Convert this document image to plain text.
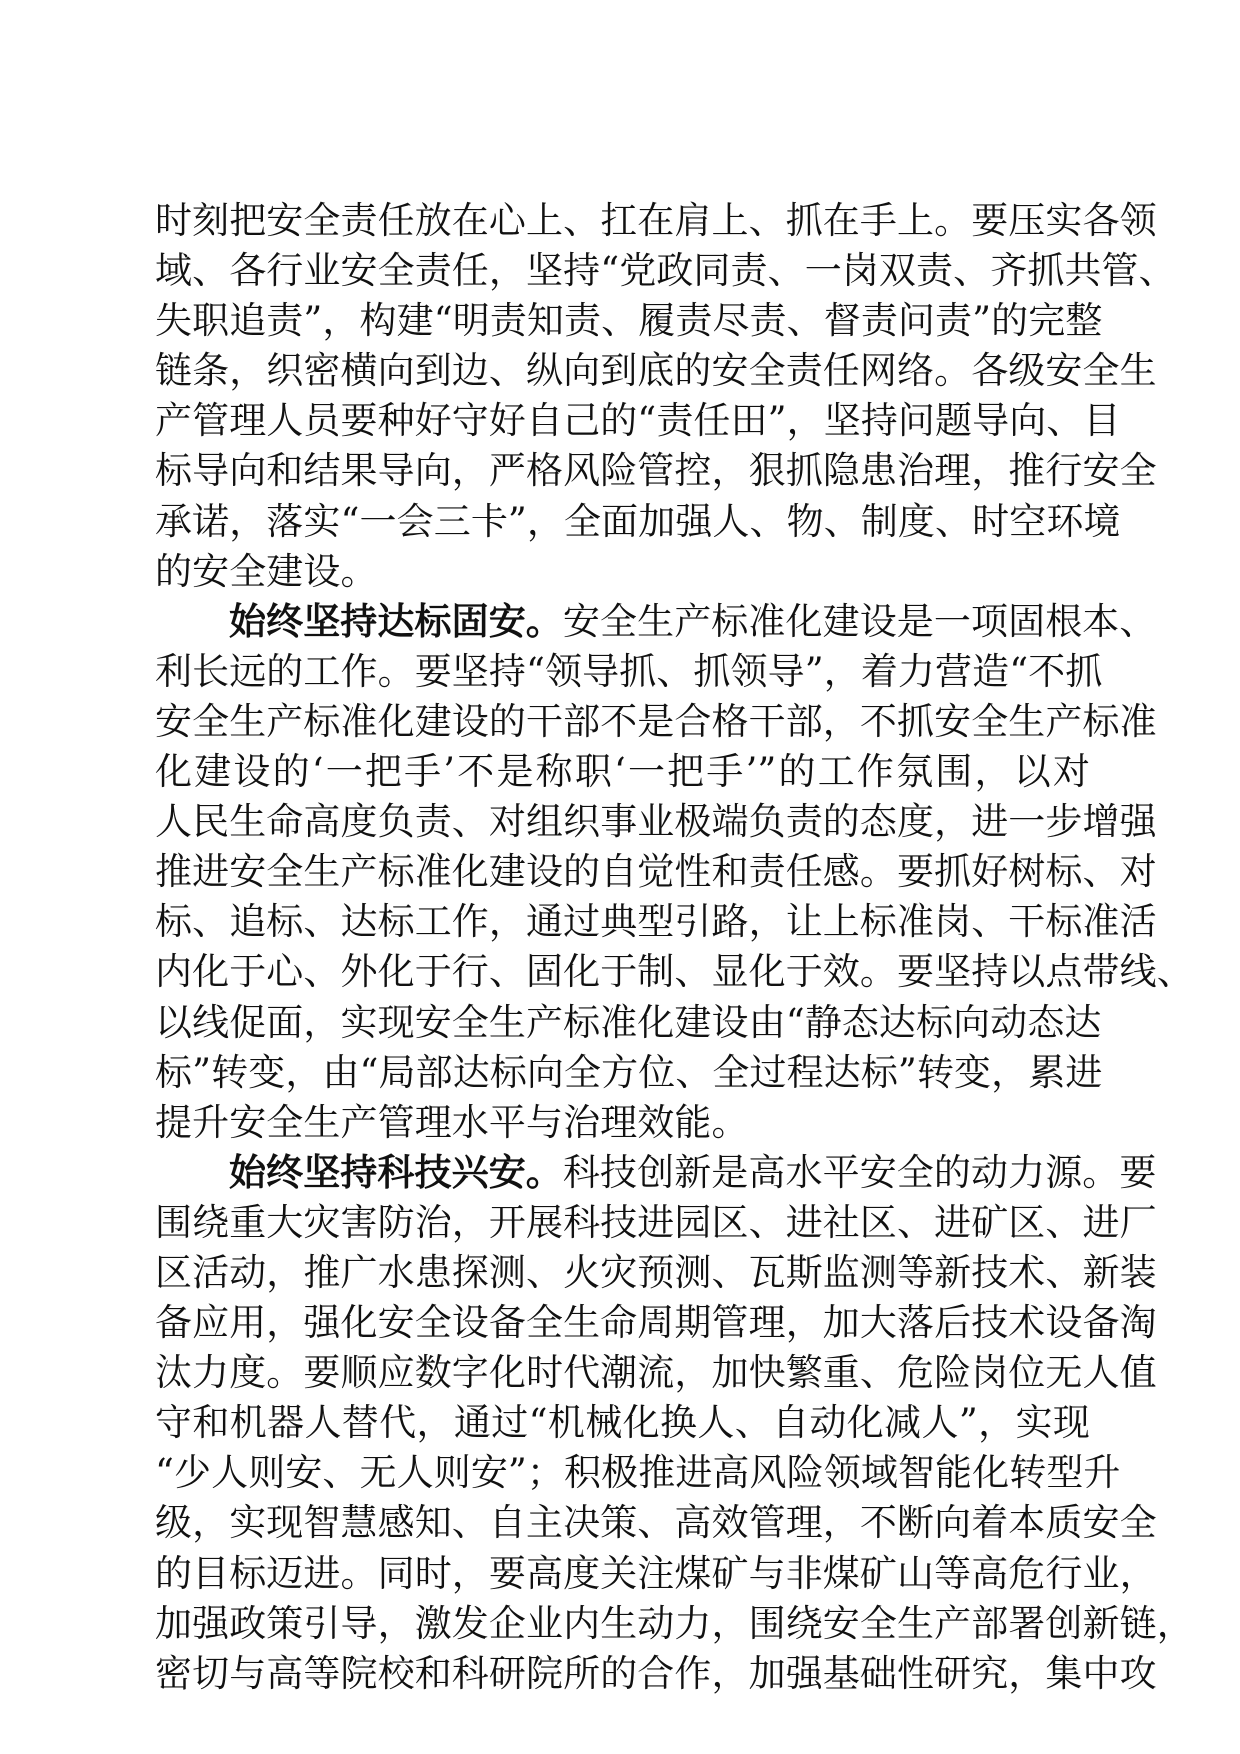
时刻把安全责任放在心上、扛在肩上、抓在手上。要压实各领
域、各行业安全责任，坚持“党政同责、一岗双责、齐抓共管、
失职追责”，构建“明责知责、履责尽责、督责问责”的完整
链条，织密横向到边、纵向到底的安全责任网络。各级安全生
产管理人员要种好守好自己的“责任田”，坚持问题导向、目
标导向和结果导向，严格风险管控，狠抓隐患治理，推行安全
承诺，落实“一会三卡”，全面加强人、物、制度、时空环境
的安全建设。
始终坚持达标固安。安全生产标准化建设是一项固根本、
利长远的工作。要坚持“领导抓、抓领导”，着力营造“不抓
安全生产标准化建设的干部不是合格干部，不抓安全生产标准
化建设的‘一把手’不是称职‘一把手’”的工作氛围，以对
人民生命高度负责、对组织事业极端负责的态度，进一步增强
推进安全生产标准化建设的自觉性和责任感。要抓好树标、对
标、追标、达标工作，通过典型引路，让上标准岗、干标准活
内化于心、外化于行、固化于制、显化于效。要坚持以点带线、
以线促面，实现安全生产标准化建设由“静态达标向动态达
标”转变，由“局部达标向全方位、全过程达标”转变，累进
提升安全生产管理水平与治理效能。
始终坚持科技兴安。科技创新是高水平安全的动力源。要
围绕重大灾害防治，开展科技进园区、进社区、进矿区、进厂
区活动，推广水患探测、火灾预测、瓦斯监测等新技术、新装
备应用，强化安全设备全生命周期管理，加大落后技术设备淘
汰力度。要顺应数字化时代潮流，加快繁重、危险岗位无人值
守和机器人替代，通过“机械化换人、自动化减人”，实现
“少人则安、无人则安”；积极推进高风险领域智能化转型升
级，实现智慧感知、自主决策、高效管理，不断向着本质安全
的目标迈进。同时，要高度关注煤矿与非煤矿山等高危行业，
加强政策引导，激发企业内生动力，围绕安全生产部署创新链，
密切与高等院校和科研院所的合作，加强基础性研究，集中攻
